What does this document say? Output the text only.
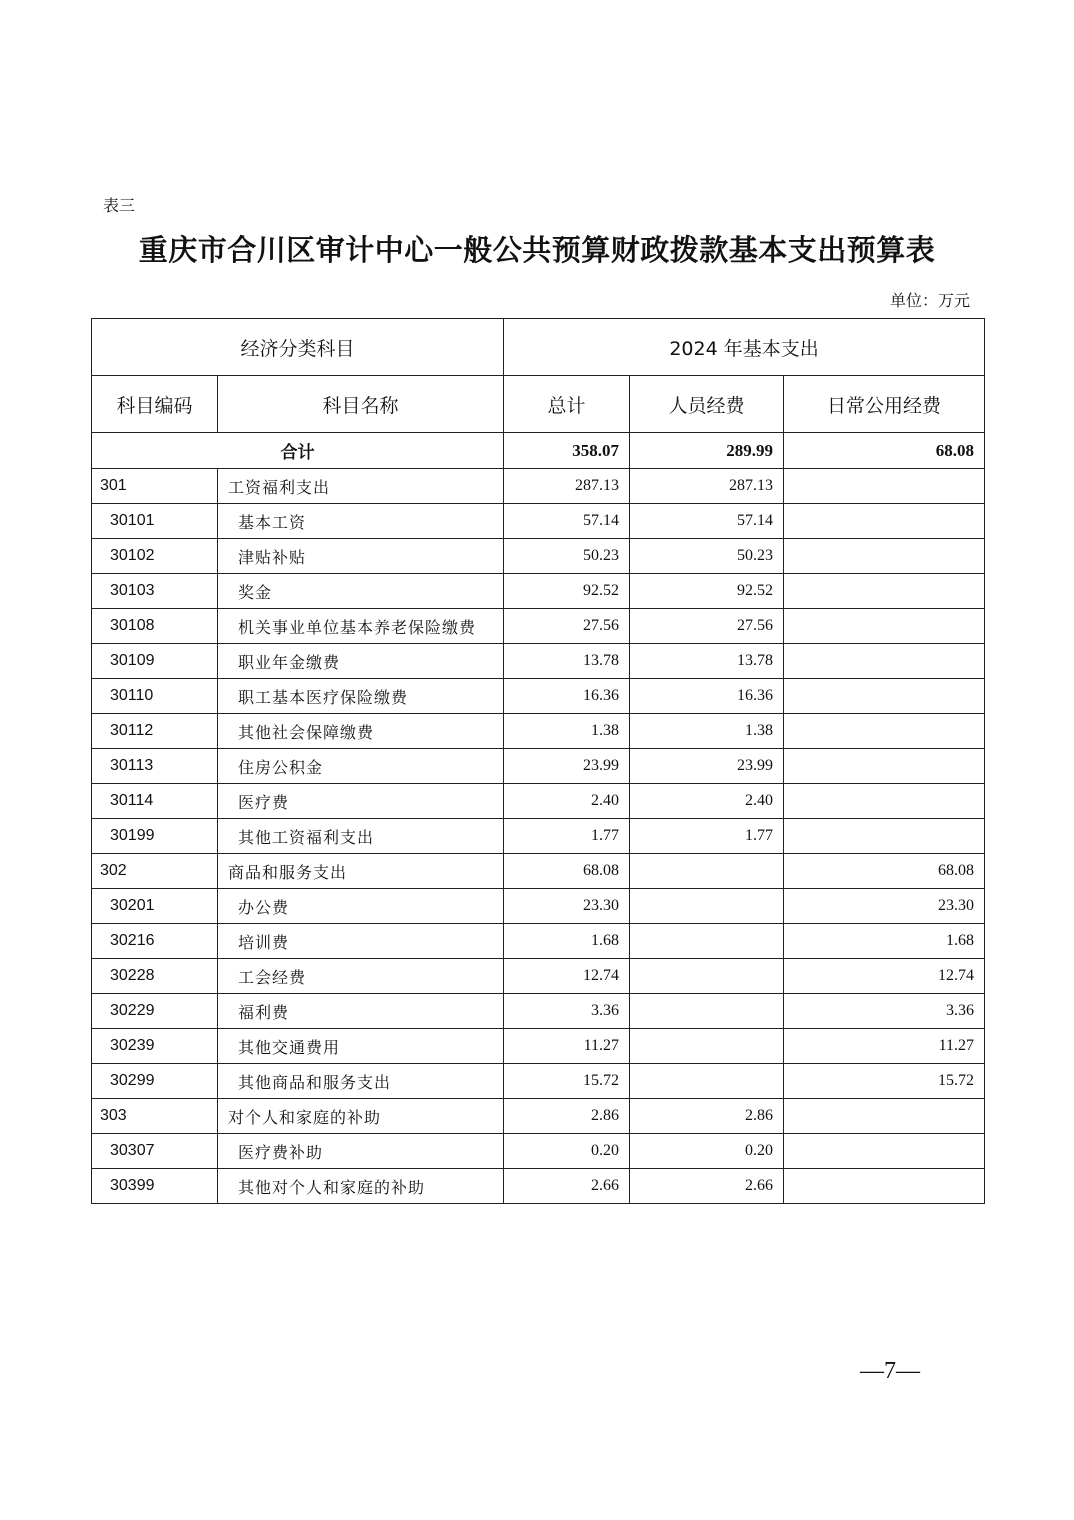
表三
重庆市合川区审计中心一般公共预算财政拨款基本支出预算表
单位：万元
经济分类科目		2024 年基本支出		
科目编码	科目名称	总计	人员经费	日常公用经费
合计		358.07	289.99	68.08
301	工资福利支出	287.13	287.13	
30101	基本工资	57.14	57.14	
30102	津贴补贴	50.23	50.23	
30103	奖金	92.52	92.52	
30108	机关事业单位基本养老保险缴费	27.56	27.56	
30109	职业年金缴费	13.78	13.78	
30110	职工基本医疗保险缴费	16.36	16.36	
30112	其他社会保障缴费	1.38	1.38	
30113	住房公积金	23.99	23.99	
30114	医疗费	2.40	2.40	
30199	其他工资福利支出	1.77	1.77	
302	商品和服务支出	68.08		68.08
30201	办公费	23.30		23.30
30216	培训费	1.68		1.68
30228	工会经费	12.74		12.74
30229	福利费	3.36		3.36
30239	其他交通费用	11.27		11.27
30299	其他商品和服务支出	15.72		15.72
303	对个人和家庭的补助	2.86	2.86	
30307	医疗费补助	0.20	0.20	
30399	其他对个人和家庭的补助	2.66	2.66	
—7—
